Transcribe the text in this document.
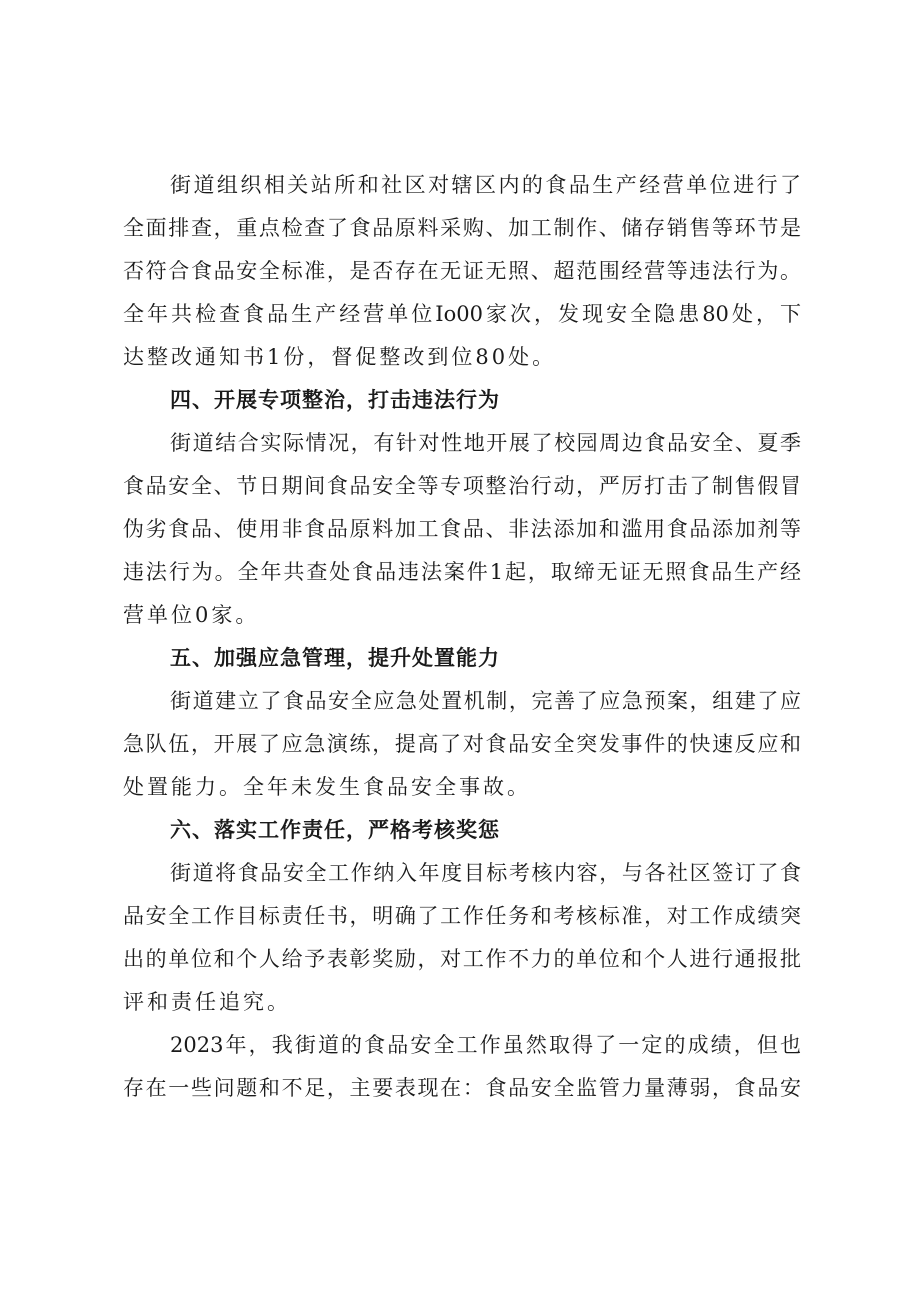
街道组织相关站所和社区对辖区内的食品生产经营单位进行了
全面排查，重点检查了食品原料采购、加工制作、储存销售等环节是
否符合食品安全标准，是否存在无证无照、超范围经营等违法行为。
全年共检查食品生产经营单位Io00家次，发现安全隐患80处，下
达整改通知书1份，督促整改到位80处。
四、开展专项整治，打击违法行为
街道结合实际情况，有针对性地开展了校园周边食品安全、夏季
食品安全、节日期间食品安全等专项整治行动，严厉打击了制售假冒
伪劣食品、使用非食品原料加工食品、非法添加和滥用食品添加剂等
违法行为。全年共查处食品违法案件1起，取缔无证无照食品生产经
营单位0家。
五、加强应急管理，提升处置能力
街道建立了食品安全应急处置机制，完善了应急预案，组建了应
急队伍，开展了应急演练，提高了对食品安全突发事件的快速反应和
处置能力。全年未发生食品安全事故。
六、落实工作责任，严格考核奖惩
街道将食品安全工作纳入年度目标考核内容，与各社区签订了食
品安全工作目标责任书，明确了工作任务和考核标准，对工作成绩突
出的单位和个人给予表彰奖励，对工作不力的单位和个人进行通报批
评和责任追究。
2023年，我街道的食品安全工作虽然取得了一定的成绩，但也
存在一些问题和不足，主要表现在：食品安全监管力量薄弱，食品安
